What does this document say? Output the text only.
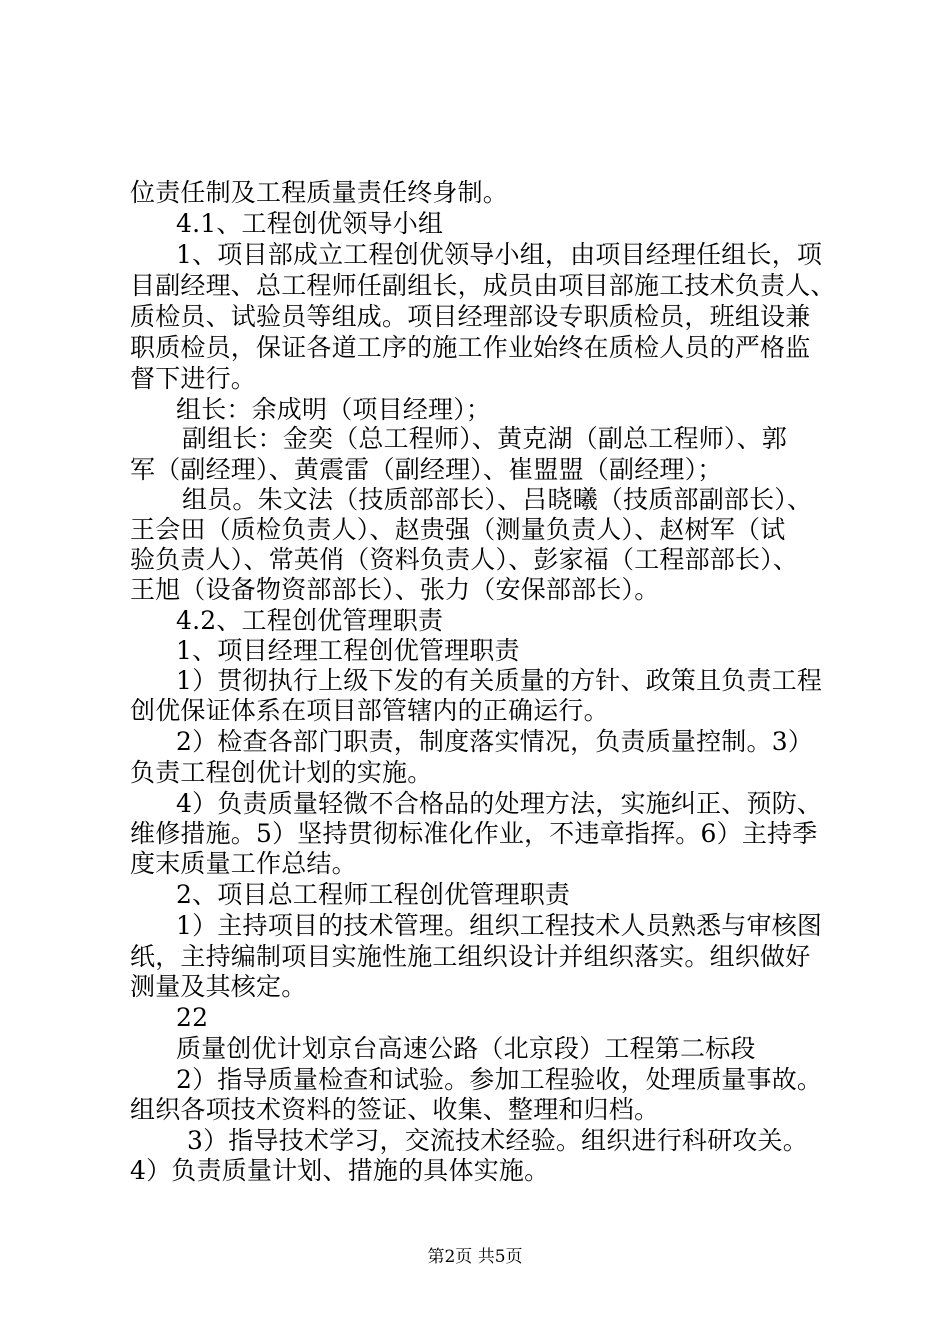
位责任制及工程质量责任终身制。
4.1、工程创优领导小组
1、项目部成立工程创优领导小组，由项目经理任组长，项
目副经理、总工程师任副组长，成员由项目部施工技术负责人、
质检员、试验员等组成。项目经理部设专职质检员，班组设兼
职质检员，保证各道工序的施工作业始终在质检人员的严格监
督下进行。
组长：余成明（项目经理）；
副组长：金奕（总工程师）、黄克湖（副总工程师）、郭
军（副经理）、黄震雷（副经理）、崔盟盟（副经理）；
组员。朱文法（技质部部长）、吕晓曦（技质部副部长）、
王会田（质检负责人）、赵贵强（测量负责人）、赵树军（试
验负责人）、常英俏（资料负责人）、彭家福（工程部部长）、
王旭（设备物资部部长）、张力（安保部部长）。
4.2、工程创优管理职责
1、项目经理工程创优管理职责
1）贯彻执行上级下发的有关质量的方针、政策且负责工程
创优保证体系在项目部管辖内的正确运行。
2）检查各部门职责，制度落实情况，负责质量控制。3）
负责工程创优计划的实施。
4）负责质量轻微不合格品的处理方法，实施纠正、预防、
维修措施。5）坚持贯彻标准化作业，不违章指挥。6）主持季
度末质量工作总结。
2、项目总工程师工程创优管理职责
1）主持项目的技术管理。组织工程技术人员熟悉与审核图
纸，主持编制项目实施性施工组织设计并组织落实。组织做好
测量及其核定。
22
质量创优计划京台高速公路（北京段）工程第二标段
2）指导质量检查和试验。参加工程验收，处理质量事故。
组织各项技术资料的签证、收集、整理和归档。
3）指导技术学习，交流技术经验。组织进行科研攻关。
4）负责质量计划、措施的具体实施。
第2页 共5页
